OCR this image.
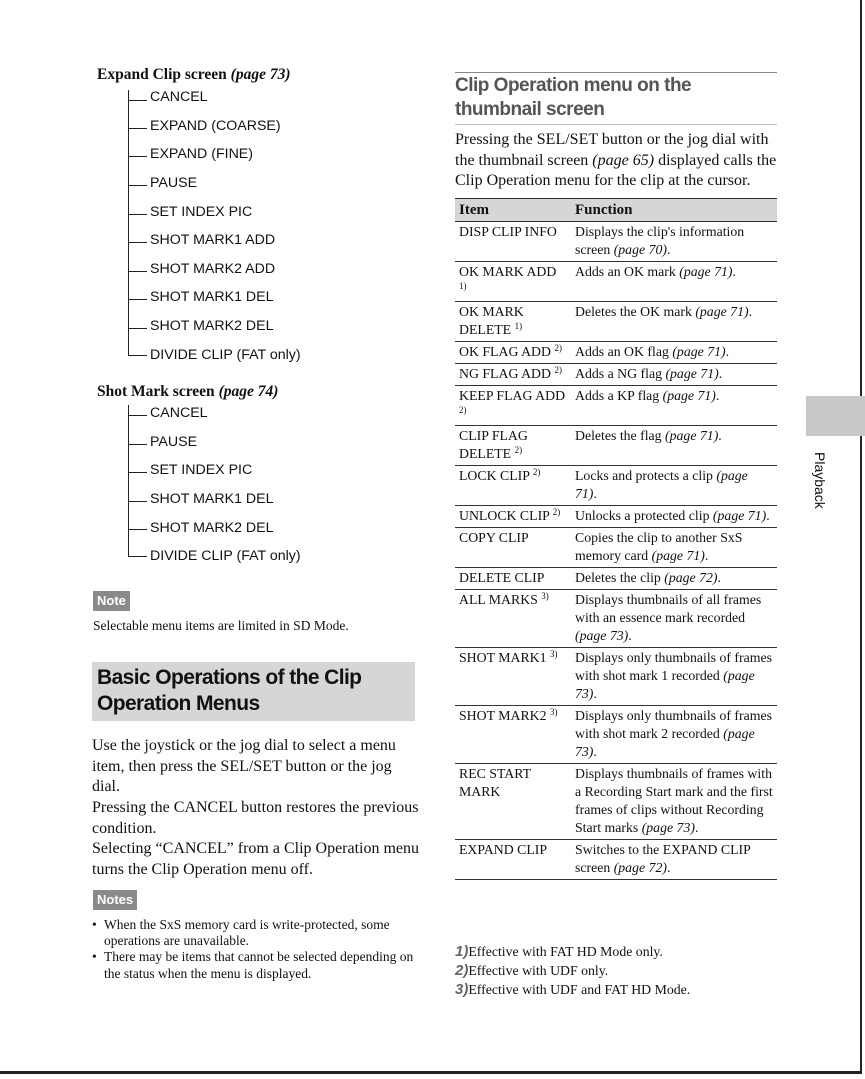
Expand Clip screen (page 73)
CANCEL
EXPAND (COARSE)
EXPAND (FINE)
PAUSE
SET INDEX PIC
SHOT MARK1 ADD
SHOT MARK2 ADD
SHOT MARK1 DEL
SHOT MARK2 DEL
DIVIDE CLIP (FAT only)
Shot Mark screen (page 74)
CANCEL
PAUSE
SET INDEX PIC
SHOT MARK1 DEL
SHOT MARK2 DEL
DIVIDE CLIP (FAT only)
Note
Selectable menu items are limited in SD Mode.
Basic Operations of the Clip Operation Menus
Use the joystick or the jog dial to select a menu item, then press the SEL/SET button or the jog dial.
Pressing the CANCEL button restores the previous condition.
Selecting “CANCEL” from a Clip Operation menu turns the Clip Operation menu off.
Notes
• When the SxS memory card is write-protected, some operations are unavailable.
• There may be items that cannot be selected depending on the status when the menu is displayed.
Clip Operation menu on the thumbnail screen
Pressing the SEL/SET button or the jog dial with the thumbnail screen (page 65) displayed calls the Clip Operation menu for the clip at the cursor.
Item	Function
DISP CLIP INFO	Displays the clip's information screen (page 70).
OK MARK ADD $^{1)}$	Adds an OK mark (page 71).
OK MARK DELETE $^{1)}$	Deletes the OK mark (page 71).
OK FLAG ADD $^{2)}$	Adds an OK flag (page 71).
NG FLAG ADD $^{2)}$	Adds a NG flag (page 71).
KEEP FLAG ADD $^{2)}$	Adds a KP flag (page 71).
CLIP FLAG DELETE $^{2)}$	Deletes the flag (page 71).
LOCK CLIP $^{2)}$	Locks and protects a clip (page 71).
UNLOCK CLIP $^{2)}$	Unlocks a protected clip (page 71).
COPY CLIP	Copies the clip to another SxS memory card (page 71).
DELETE CLIP	Deletes the clip (page 72).
ALL MARKS $^{3)}$	Displays thumbnails of all frames with an essence mark recorded (page 73).
SHOT MARK1 $^{3)}$	Displays only thumbnails of frames with shot mark 1 recorded (page 73).
SHOT MARK2 $^{3)}$	Displays only thumbnails of frames with shot mark 2 recorded (page 73).
REC START MARK	Displays thumbnails of frames with a Recording Start mark and the first frames of clips without Recording Start marks (page 73).
EXPAND CLIP	Switches to the EXPAND CLIP screen (page 72).
1)Effective with FAT HD Mode only.
2)Effective with UDF only.
3)Effective with UDF and FAT HD Mode.
Playback
